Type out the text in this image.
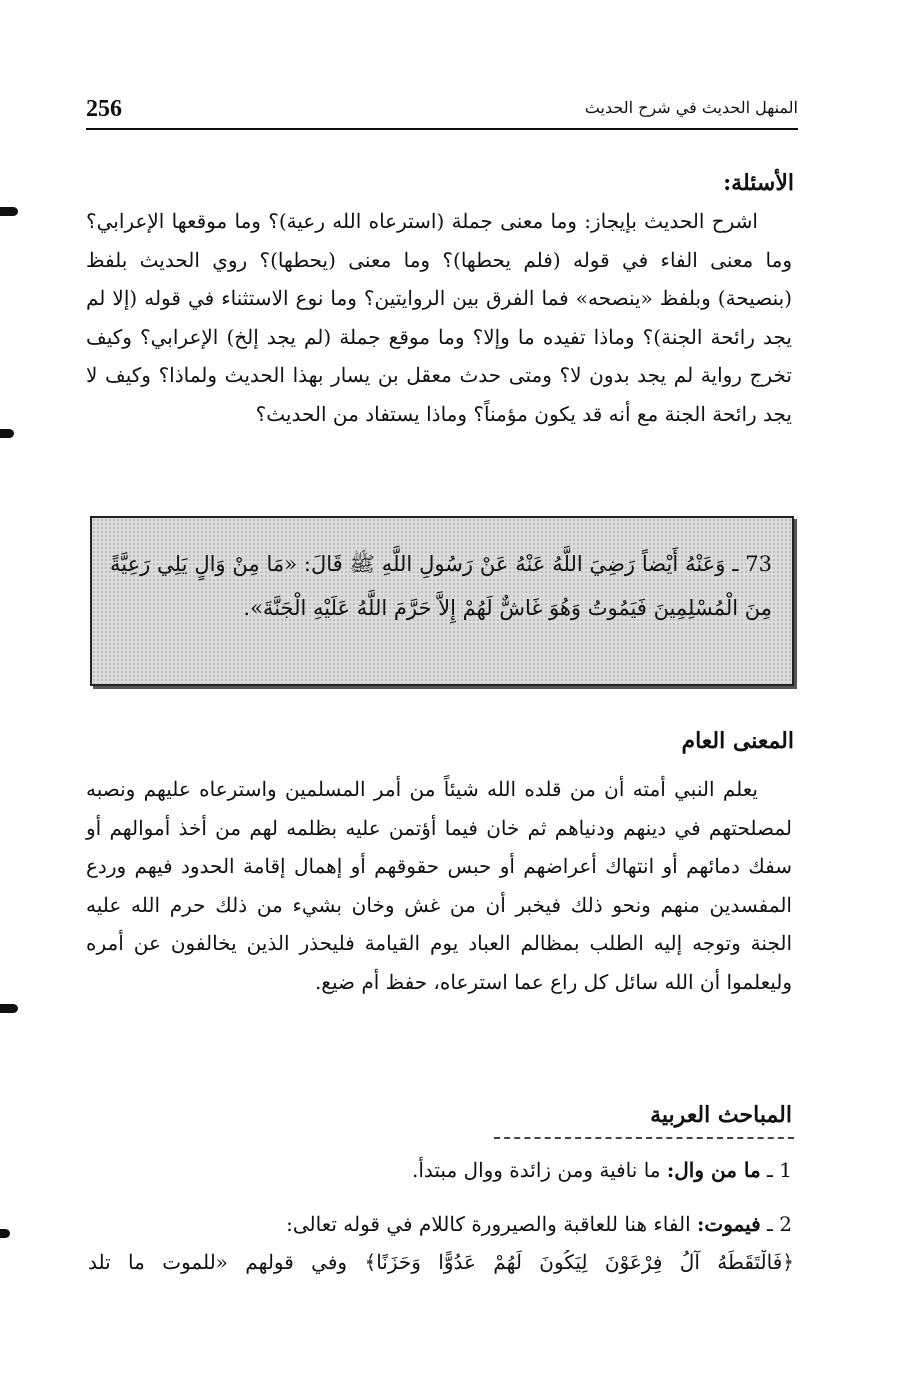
256	المنهل الحديث في شرح الحديث
الأسئلة:

اشرح الحديث بإيجاز: وما معنى جملة (استرعاه الله رعية)؟ وما موقعها الإعرابي؟ وما معنى الفاء في قوله (فلم يحطها)؟ وما معنى (يحطها)؟ روي الحديث بلفظ (بنصيحة) وبلفظ «ينصحه» فما الفرق بين الروايتين؟ وما نوع الاستثناء في قوله (إلا لم يجد رائحة الجنة)؟ وماذا تفيده ما وإلا؟ وما موقع جملة (لم يجد إلخ) الإعرابي؟ وكيف تخرج رواية لم يجد بدون لا؟ ومتى حدث معقل بن يسار بهذا الحديث ولماذا؟ وكيف لا يجد رائحة الجنة مع أنه قد يكون مؤمناً؟ وماذا يستفاد من الحديث؟

73 ـ وَعَنْهُ أَيْضاً رَضِيَ اللَّهُ عَنْهُ عَنْ رَسُولِ اللَّهِ ﷺ قَالَ: «مَا مِنْ وَالٍ يَلِي رَعِيَّةً مِنَ الْمُسْلِمِينَ فَيَمُوتُ وَهُوَ غَاشٌّ لَهُمْ إِلاَّ حَرَّمَ اللَّهُ عَلَيْهِ الْجَنَّةَ».
المعنى العام

يعلم النبي أمته أن من قلده الله شيئاً من أمر المسلمين واسترعاه عليهم ونصبه لمصلحتهم في دينهم ودنياهم ثم خان فيما أؤتمن عليه بظلمه لهم من أخذ أموالهم أو سفك دمائهم أو انتهاك أعراضهم أو حبس حقوقهم أو إهمال إقامة الحدود فيهم وردع المفسدين منهم ونحو ذلك فيخبر أن من غش وخان بشيء من ذلك حرم الله عليه الجنة وتوجه إليه الطلب بمظالم العباد يوم القيامة فليحذر الذين يخالفون عن أمره وليعلموا أن الله سائل كل راع عما استرعاه، حفظ أم ضيع.

المباحث العربية
1 ـ ما من وال: ما نافية ومن زائدة ووال مبتدأ.
2 ـ فيموت: الفاء هنا للعاقبة والصيرورة كاللام في قوله تعالى:
﴿فَالْتَقَطَهُ آلُ فِرْعَوْنَ لِيَكُونَ لَهُمْ عَدُوًّا وَحَزَنًا﴾ وفي قولهم «للموت ما تلد
